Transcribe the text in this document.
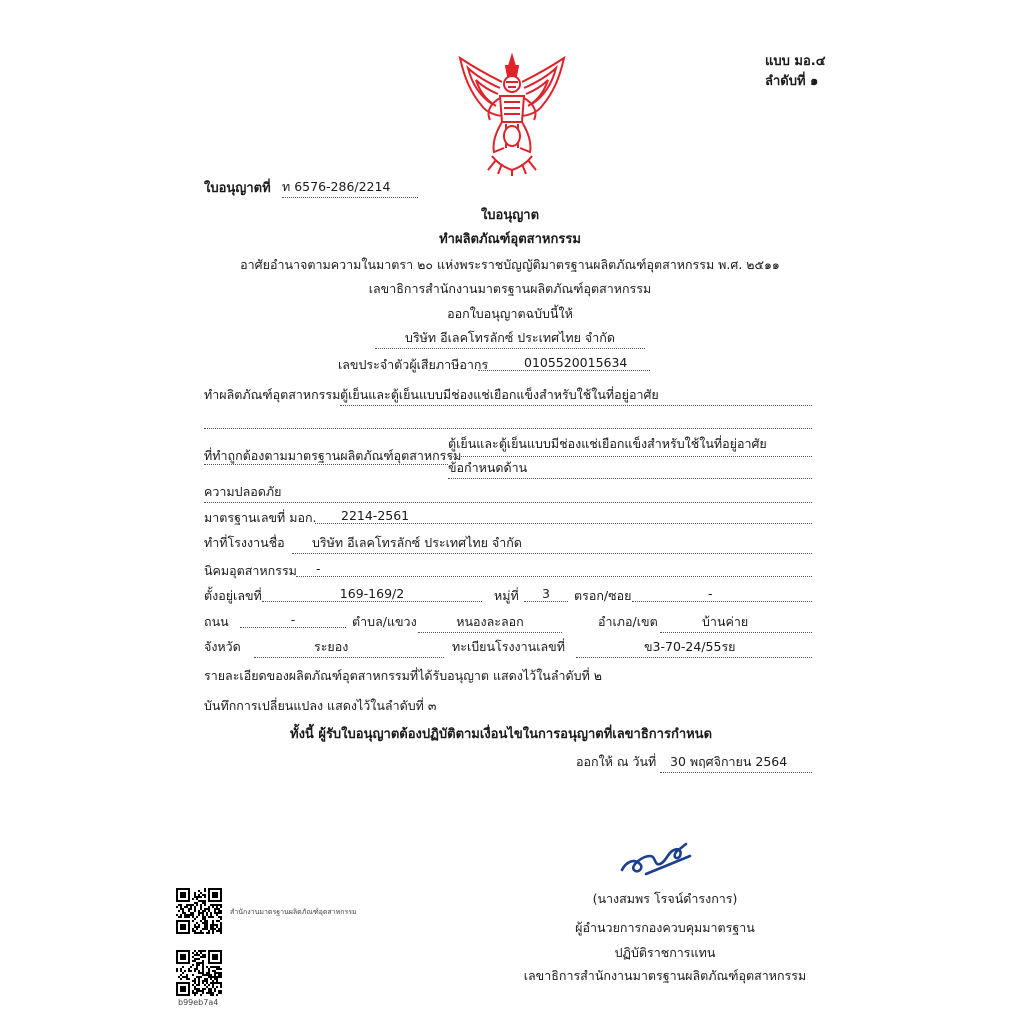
แบบ มอ.๔
ลำดับที่ ๑
ใบอนุญาตที่ ท 6576-286/2214
ใบอนุญาต
ทำผลิตภัณฑ์อุตสาหกรรม
อาศัยอำนาจตามความในมาตรา ๒๐ แห่งพระราชบัญญัติมาตรฐานผลิตภัณฑ์อุตสาหกรรม พ.ศ. ๒๕๑๑
เลขาธิการสำนักงานมาตรฐานผลิตภัณฑ์อุตสาหกรรม
ออกใบอนุญาตฉบับนี้ให้
บริษัท อีเลคโทรลักซ์ ประเทศไทย จำกัด
เลขประจำตัวผู้เสียภาษีอากร	0105520015634
ทำผลิตภัณฑ์อุตสาหกรรม ตู้เย็นและตู้เย็นแบบมีช่องแช่เยือกแข็งสำหรับใช้ในที่อยู่อาศัย
ที่ทำถูกต้องตามมาตรฐานผลิตภัณฑ์อุตสาหกรรม
ตู้เย็นและตู้เย็นแบบมีช่องแช่เยือกแข็งสำหรับใช้ในที่อยู่อาศัย
ข้อกำหนดด้าน
ความปลอดภัย
มาตรฐานเลขที่ มอก.	2214-2561
ทำที่โรงงานชื่อ	บริษัท อีเลคโทรลักซ์ ประเทศไทย จำกัด
นิคมอุตสาหกรรม	-
ตั้งอยู่เลขที่	169-169/2	หมู่ที่	3	ตรอก/ซอย	-
ถนน	-	ตำบล/แขวง	หนองละลอก	อำเภอ/เขต	บ้านค่าย
จังหวัด	ระยอง	ทะเบียนโรงงานเลขที่	ข3-70-24/55รย
รายละเอียดของผลิตภัณฑ์อุตสาหกรรมที่ได้รับอนุญาต แสดงไว้ในลำดับที่ ๒
บันทึกการเปลี่ยนแปลง แสดงไว้ในลำดับที่ ๓
ทั้งนี้ ผู้รับใบอนุญาตต้องปฏิบัติตามเงื่อนไขในการอนุญาตที่เลขาธิการกำหนด
ออกให้ ณ วันที่	30 พฤศจิกายน 2564
(นางสมพร โรจน์ดำรงการ)
ผู้อำนวยการกองควบคุมมาตรฐาน
ปฏิบัติราชการแทน
เลขาธิการสำนักงานมาตรฐานผลิตภัณฑ์อุตสาหกรรม
สำนักงานมาตรฐานผลิตภัณฑ์อุตสาหกรรม
b99eb7a4
